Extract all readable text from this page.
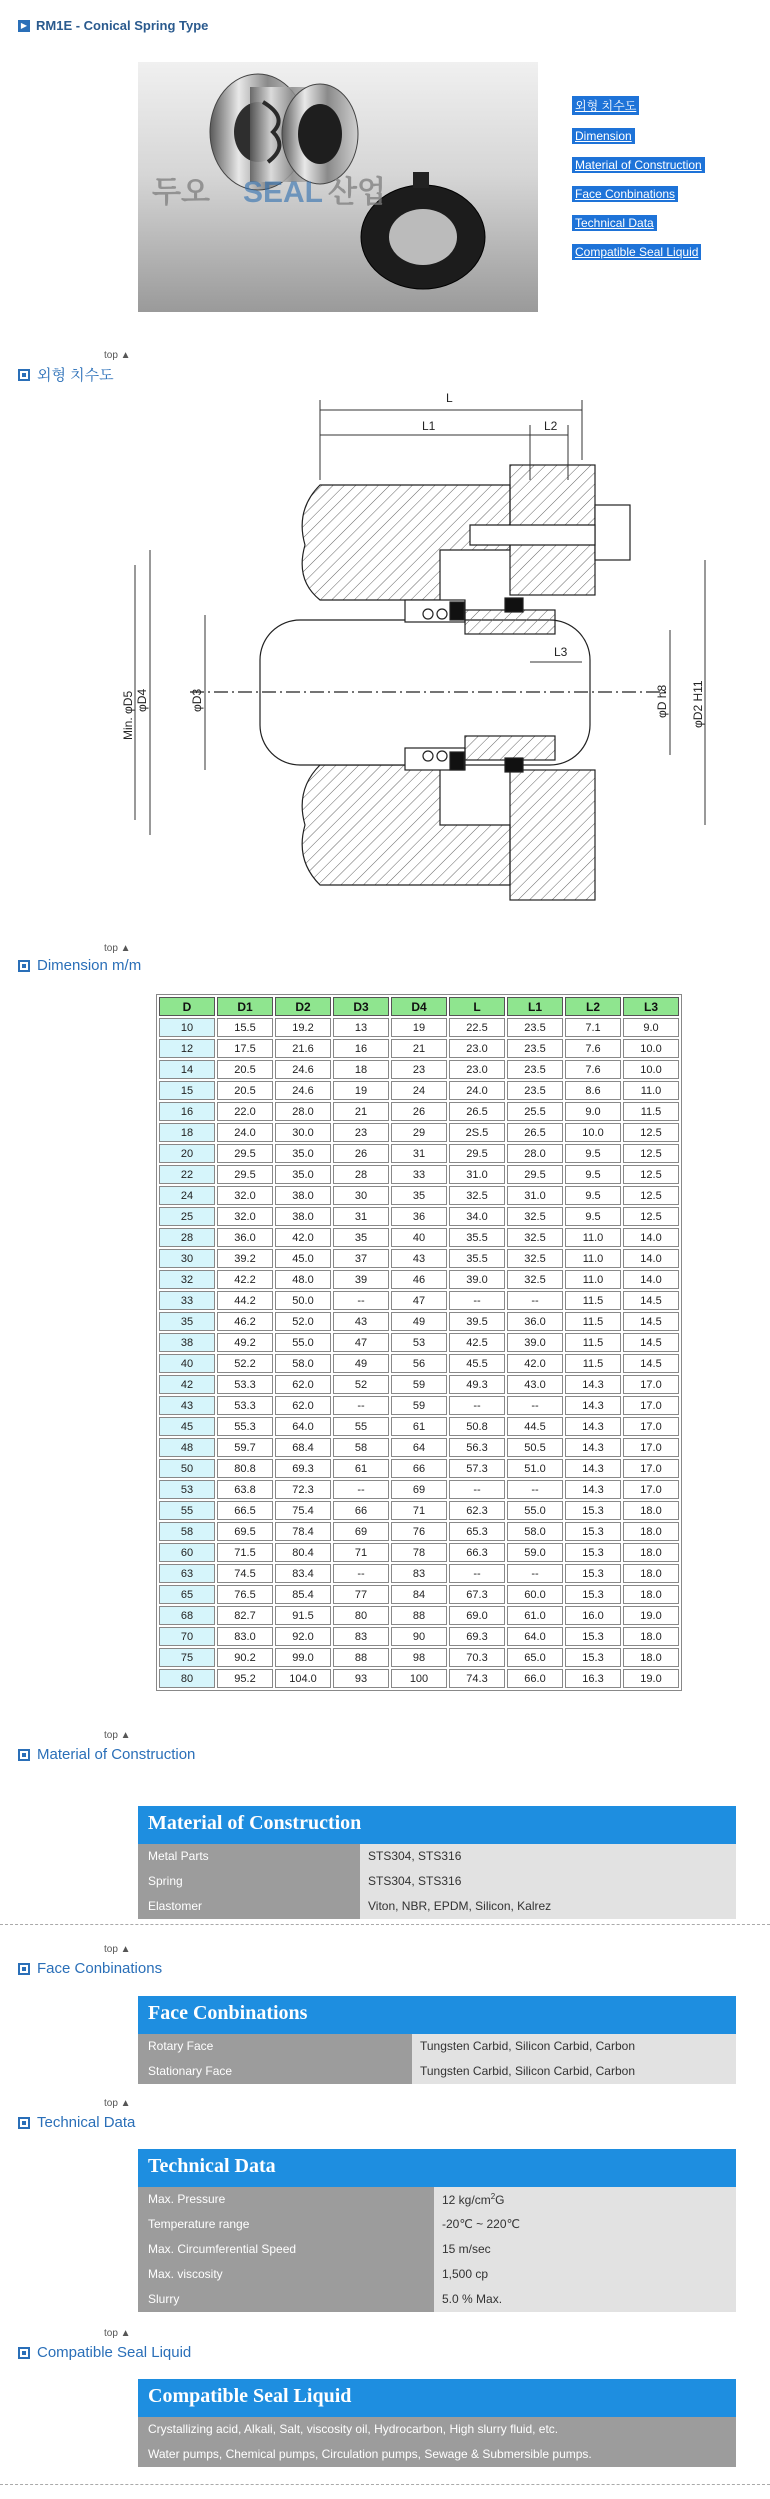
▶ RM1E - Conical Spring Type
두오 SEAL 산업
외형 치수도
Dimension
Material of Construction
Face Conbinations
Technical Data
Compatible Seal Liquid
top ▲
외형 치수도
L
L1	L2
L3
Min. φD5 φD4	φD3	φD h8 φD2 H11
top ▲
Dimension m/m
D	D1	D2	D3	D4	L	L1	L2	L3
10	15.5	19.2	13	19	22.5	23.5	7.1	9.0
12	17.5	21.6	16	21	23.0	23.5	7.6	10.0
14	20.5	24.6	18	23	23.0	23.5	7.6	10.0
15	20.5	24.6	19	24	24.0	23.5	8.6	11.0
16	22.0	28.0	21	26	26.5	25.5	9.0	11.5
18	24.0	30.0	23	29	2S.5	26.5	10.0	12.5
20	29.5	35.0	26	31	29.5	28.0	9.5	12.5
22	29.5	35.0	28	33	31.0	29.5	9.5	12.5
24	32.0	38.0	30	35	32.5	31.0	9.5	12.5
25	32.0	38.0	31	36	34.0	32.5	9.5	12.5
28	36.0	42.0	35	40	35.5	32.5	11.0	14.0
30	39.2	45.0	37	43	35.5	32.5	11.0	14.0
32	42.2	48.0	39	46	39.0	32.5	11.0	14.0
33	44.2	50.0	--	47	--	--	11.5	14.5
35	46.2	52.0	43	49	39.5	36.0	11.5	14.5
38	49.2	55.0	47	53	42.5	39.0	11.5	14.5
40	52.2	58.0	49	56	45.5	42.0	11.5	14.5
42	53.3	62.0	52	59	49.3	43.0	14.3	17.0
43	53.3	62.0	--	59	--	--	14.3	17.0
45	55.3	64.0	55	61	50.8	44.5	14.3	17.0
48	59.7	68.4	58	64	56.3	50.5	14.3	17.0
50	80.8	69.3	61	66	57.3	51.0	14.3	17.0
53	63.8	72.3	--	69	--	--	14.3	17.0
55	66.5	75.4	66	71	62.3	55.0	15.3	18.0
58	69.5	78.4	69	76	65.3	58.0	15.3	18.0
60	71.5	80.4	71	78	66.3	59.0	15.3	18.0
63	74.5	83.4	--	83	--	--	15.3	18.0
65	76.5	85.4	77	84	67.3	60.0	15.3	18.0
68	82.7	91.5	80	88	69.0	61.0	16.0	19.0
70	83.0	92.0	83	90	69.3	64.0	15.3	18.0
75	90.2	99.0	88	98	70.3	65.0	15.3	18.0
80	95.2	104.0	93	100	74.3	66.0	16.3	19.0
top ▲
Material of Construction
Material of Construction
Metal Parts	STS304, STS316
Spring	STS304, STS316
Elastomer	Viton, NBR, EPDM, Silicon, Kalrez
top ▲
Face Conbinations
Face Conbinations
Rotary Face	Tungsten Carbid, Silicon Carbid, Carbon
Stationary Face	Tungsten Carbid, Silicon Carbid, Carbon
top ▲
Technical Data
Technical Data
Max. Pressure	12 $kg/cm^2G$
Temperature range	-20℃ ~ 220℃
Max. Circumferential Speed	15 m/sec
Max. viscosity	1,500 cp
Slurry	5.0 % Max.
top ▲
Compatible Seal Liquid
Compatible Seal Liquid
Crystallizing acid, Alkali, Salt, viscosity oil, Hydrocarbon, High slurry fluid, etc.
Water pumps, Chemical pumps, Circulation pumps, Sewage & Submersible pumps.
